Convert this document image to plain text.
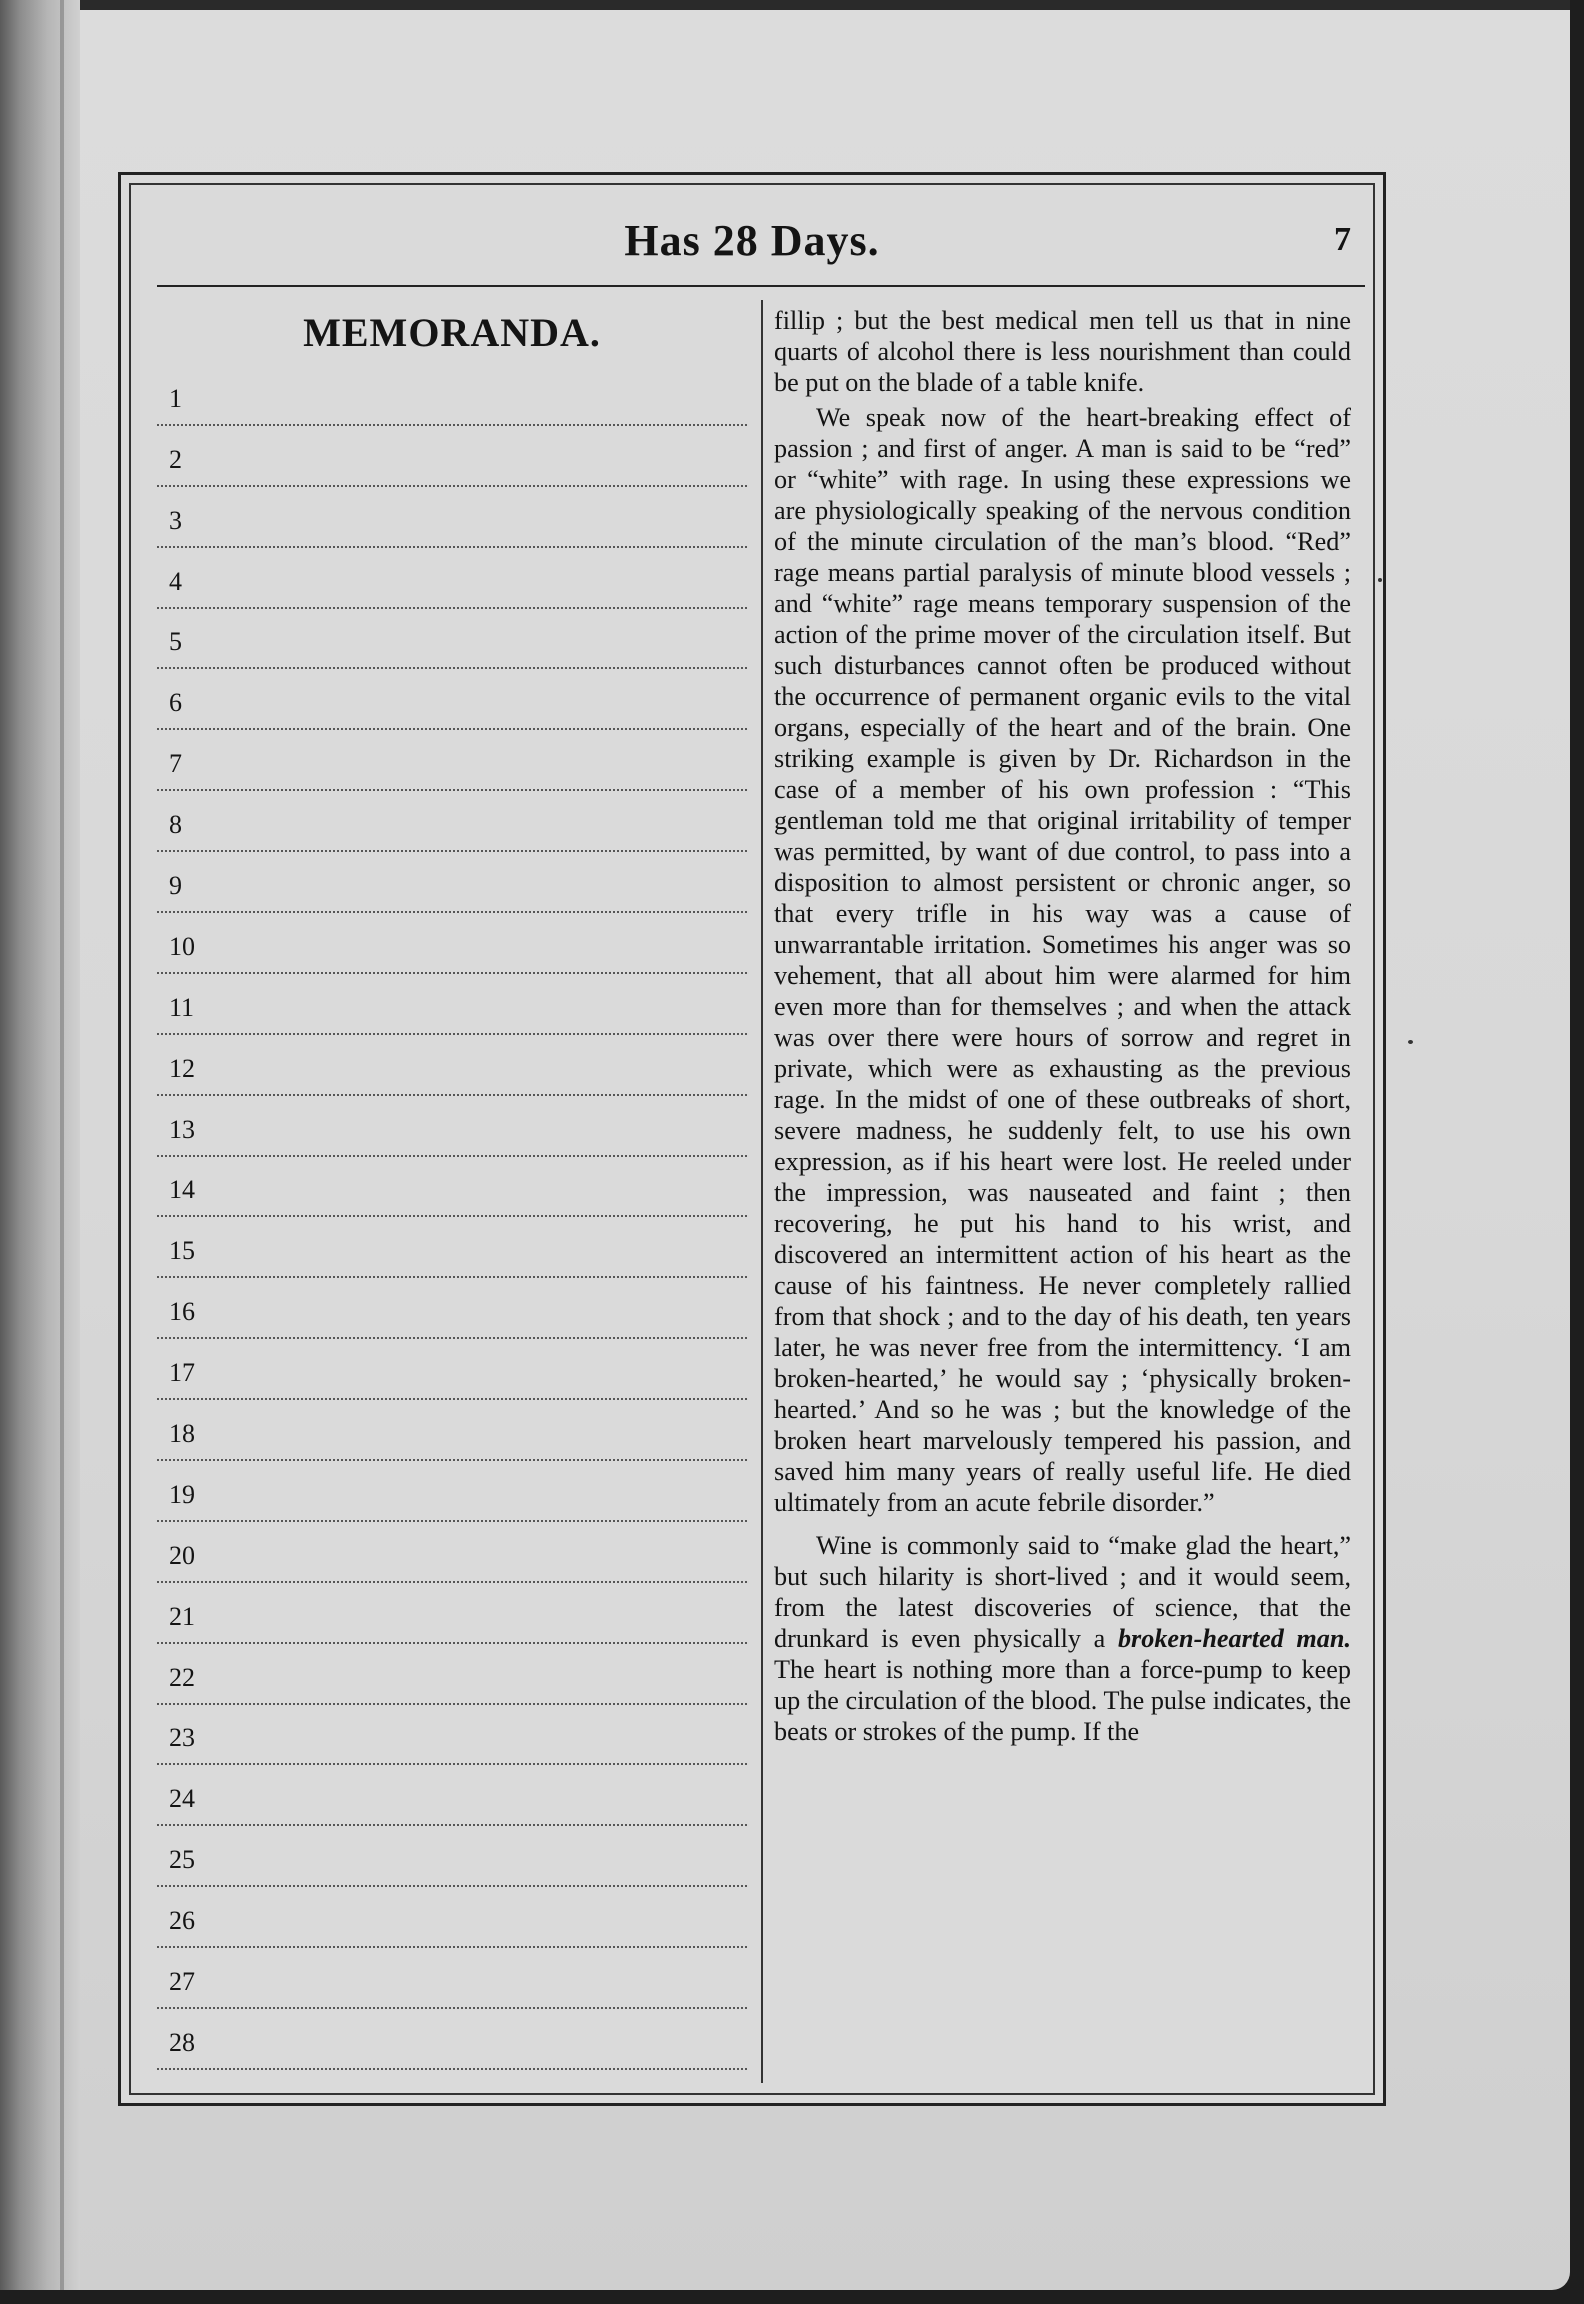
Has 28 Days.	7
MEMORANDA.
1
2
3
4
5
6
7
8
9
10
11
12
13
14
15
16
17
18
19
20
21
22
23
24
25
26
27
28

fillip ; but the best medical men tell us that in nine quarts of alcohol there is less nourishment than could be put on the blade of a table knife.

We speak now of the heart-breaking effect of passion ; and first of anger. A man is said to be “red” or “white” with rage. In using these expressions we are physiologically speaking of the nervous condition of the minute circulation of the man’s blood. “Red” rage means partial paralysis of minute blood vessels ; and “white” rage means temporary suspension of the action of the prime mover of the circulation itself. But such disturbances cannot often be produced without the occurrence of permanent organic evils to the vital organs, especially of the heart and of the brain. One striking example is given by Dr. Richardson in the case of a member of his own profession : “This gentleman told me that original irritability of temper was permitted, by want of due control, to pass into a disposition to almost persistent or chronic anger, so that every trifle in his way was a cause of unwarrantable irritation. Sometimes his anger was so vehement, that all about him were alarmed for him even more than for themselves ; and when the attack was over there were hours of sorrow and regret in private, which were as exhausting as the previous rage. In the midst of one of these outbreaks of short, severe madness, he suddenly felt, to use his own expression, as if his heart were lost. He reeled under the impression, was nauseated and faint ; then recovering, he put his hand to his wrist, and discovered an intermittent action of his heart as the cause of his faintness. He never completely rallied from that shock ; and to the day of his death, ten years later, he was never free from the intermittency. ‘I am broken-hearted,’ he would say ; ‘physically broken-hearted.’ And so he was ; but the knowledge of the broken heart marvelously tempered his passion, and saved him many years of really useful life. He died ultimately from an acute febrile disorder.”

Wine is commonly said to “make glad the heart,” but such hilarity is short-lived ; and it would seem, from the latest discoveries of science, that the drunkard is even physically a broken-hearted man. The heart is nothing more than a force-pump to keep up the circulation of the blood. The pulse indicates, the beats or strokes of the pump. If the
